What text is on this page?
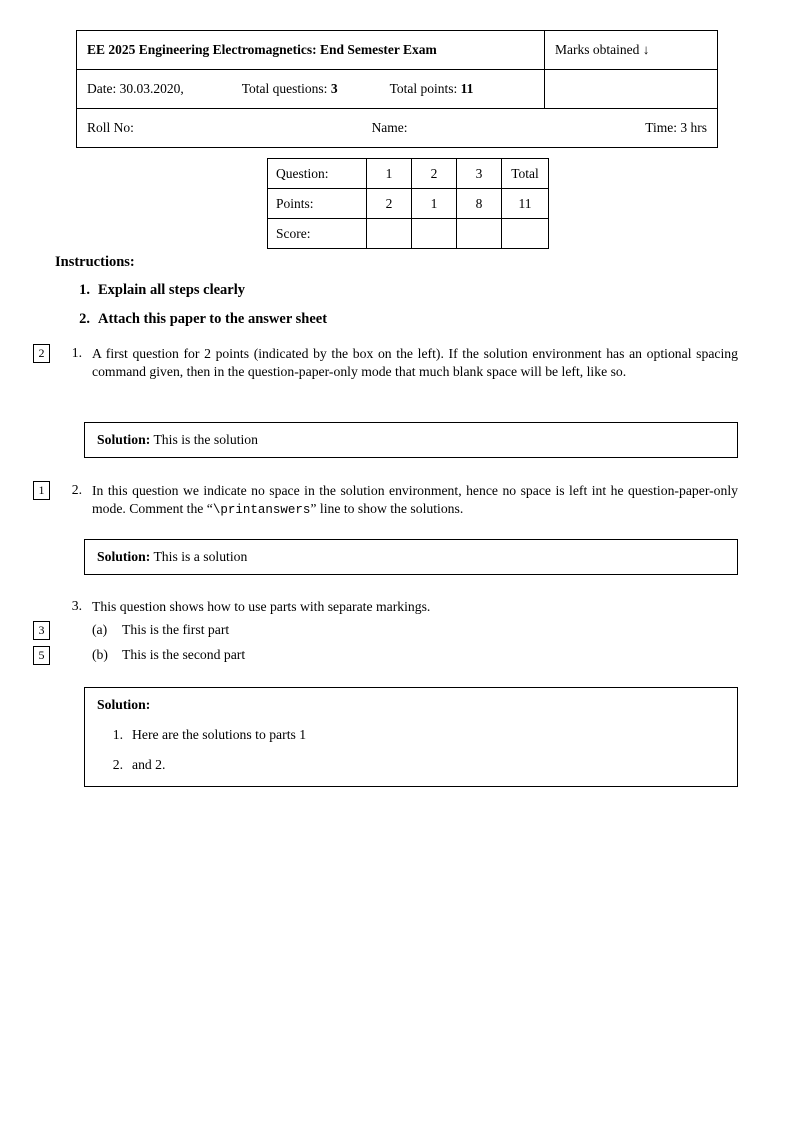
EE 2025 Engineering Electromagnetics: End Semester Exam	Marks obtained ↓
Date: 30.03.2020, Total questions: 3 Total points: 11	

Roll No: Name: Time: 3 hrs	
Question:	1	2	3	Total
Points:	2	1	8	11
Score:				
Instructions:
1. Explain all steps clearly
2. Attach this paper to the answer sheet
2	1. A first question for 2 points (indicated by the box on the left). If the solution environment has an optional spacing command given, then in the question-paper-only mode that much blank space will be left, like so.
Solution: This is the solution
1	2. In this question we indicate no space in the solution environment, hence no space is left int he question-paper-only mode. Comment the “\printanswers” line to show the solutions.
Solution: This is a solution
3. This question shows how to use parts with separate markings.
3	(a) This is the first part
5	(b) This is the second part
Solution:
1. Here are the solutions to parts 1
2. and 2.
